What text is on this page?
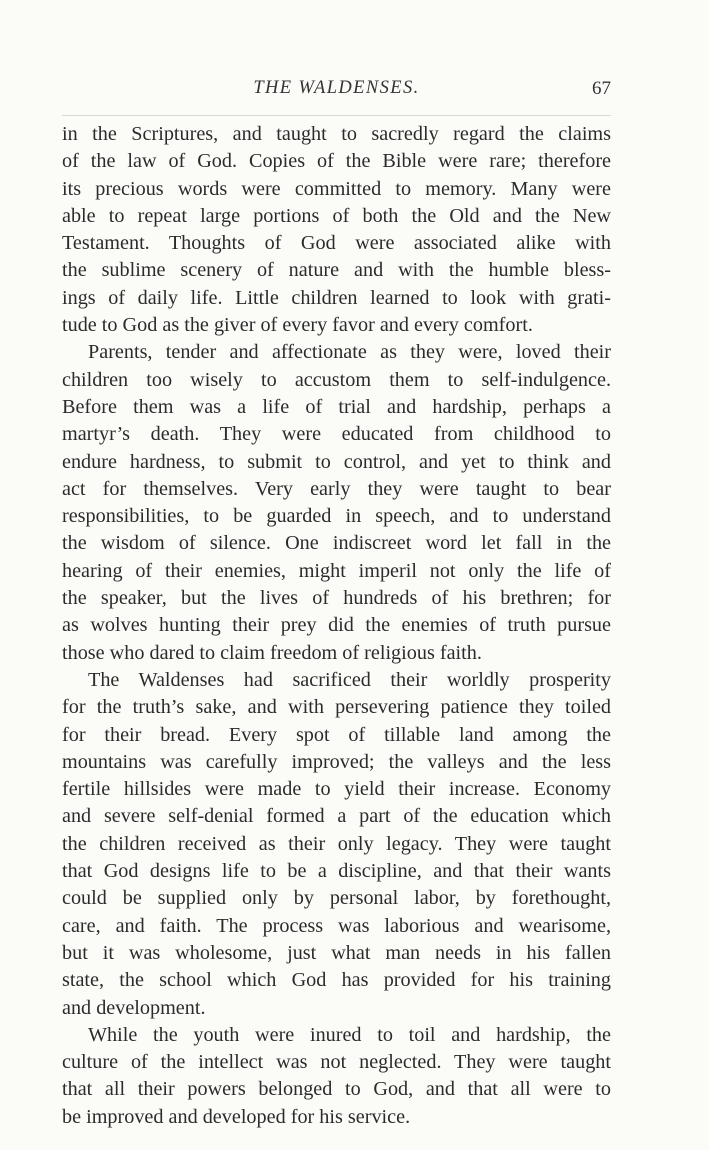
THE WALDENSES.	67
in the Scriptures, and taught to sacredly regard the claims
of the law of God. Copies of the Bible were rare; therefore
its precious words were committed to memory. Many were
able to repeat large portions of both the Old and the New
Testament. Thoughts of God were associated alike with
the sublime scenery of nature and with the humble bless-
ings of daily life. Little children learned to look with grati-
tude to God as the giver of every favor and every comfort.
Parents, tender and affectionate as they were, loved their
children too wisely to accustom them to self-indulgence.
Before them was a life of trial and hardship, perhaps a
martyr’s death. They were educated from childhood to
endure hardness, to submit to control, and yet to think and
act for themselves. Very early they were taught to bear
responsibilities, to be guarded in speech, and to understand
the wisdom of silence. One indiscreet word let fall in the
hearing of their enemies, might imperil not only the life of
the speaker, but the lives of hundreds of his brethren; for
as wolves hunting their prey did the enemies of truth pursue
those who dared to claim freedom of religious faith.
The Waldenses had sacrificed their worldly prosperity
for the truth’s sake, and with persevering patience they toiled
for their bread. Every spot of tillable land among the
mountains was carefully improved; the valleys and the less
fertile hillsides were made to yield their increase. Economy
and severe self-denial formed a part of the education which
the children received as their only legacy. They were taught
that God designs life to be a discipline, and that their wants
could be supplied only by personal labor, by forethought,
care, and faith. The process was laborious and wearisome,
but it was wholesome, just what man needs in his fallen
state, the school which God has provided for his training
and development.
While the youth were inured to toil and hardship, the
culture of the intellect was not neglected. They were taught
that all their powers belonged to God, and that all were to
be improved and developed for his service.
